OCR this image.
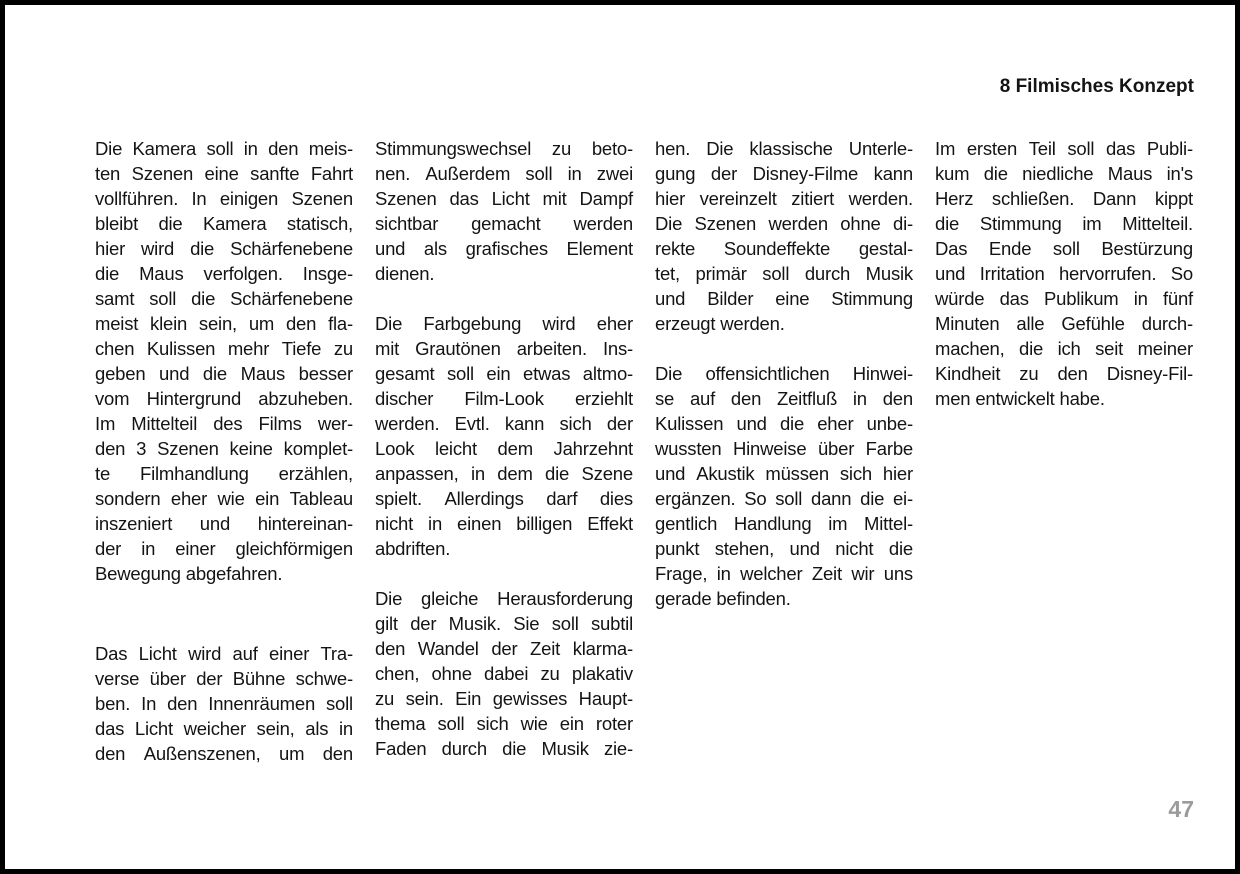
8 Filmisches Konzept
Die Kamera soll in den meis-
ten Szenen eine sanfte Fahrt
vollführen. In einigen Szenen
bleibt die Kamera statisch,
hier wird die Schärfenebene
die Maus verfolgen. Insge-
samt soll die Schärfenebene
meist klein sein, um den fla-
chen Kulissen mehr Tiefe zu
geben und die Maus besser
vom Hintergrund abzuheben.
Im Mittelteil des Films wer-
den 3 Szenen keine komplet-
te Filmhandlung erzählen,
sondern eher wie ein Tableau
inszeniert und hintereinan-
der in einer gleichförmigen
Bewegung abgefahren.
Das Licht wird auf einer Tra-
verse über der Bühne schwe-
ben. In den Innenräumen soll
das Licht weicher sein, als in
den Außenszenen, um den
Stimmungswechsel zu beto-
nen. Außerdem soll in zwei
Szenen das Licht mit Dampf
sichtbar gemacht werden
und als grafisches Element
dienen.
Die Farbgebung wird eher
mit Grautönen arbeiten. Ins-
gesamt soll ein etwas altmo-
discher Film-Look erziehlt
werden. Evtl. kann sich der
Look leicht dem Jahrzehnt
anpassen, in dem die Szene
spielt. Allerdings darf dies
nicht in einen billigen Effekt
abdriften.
Die gleiche Herausforderung
gilt der Musik. Sie soll subtil
den Wandel der Zeit klarma-
chen, ohne dabei zu plakativ
zu sein. Ein gewisses Haupt-
thema soll sich wie ein roter
Faden durch die Musik zie-
hen. Die klassische Unterle-
gung der Disney-Filme kann
hier vereinzelt zitiert werden.
Die Szenen werden ohne di-
rekte Soundeffekte gestal-
tet, primär soll durch Musik
und Bilder eine Stimmung
erzeugt werden.
Die offensichtlichen Hinwei-
se auf den Zeitfluß in den
Kulissen und die eher unbe-
wussten Hinweise über Farbe
und Akustik müssen sich hier
ergänzen. So soll dann die ei-
gentlich Handlung im Mittel-
punkt stehen, und nicht die
Frage, in welcher Zeit wir uns
gerade befinden.
Im ersten Teil soll das Publi-
kum die niedliche Maus in's
Herz schließen. Dann kippt
die Stimmung im Mittelteil.
Das Ende soll Bestürzung
und Irritation hervorrufen. So
würde das Publikum in fünf
Minuten alle Gefühle durch-
machen, die ich seit meiner
Kindheit zu den Disney-Fil-
men entwickelt habe.
47
